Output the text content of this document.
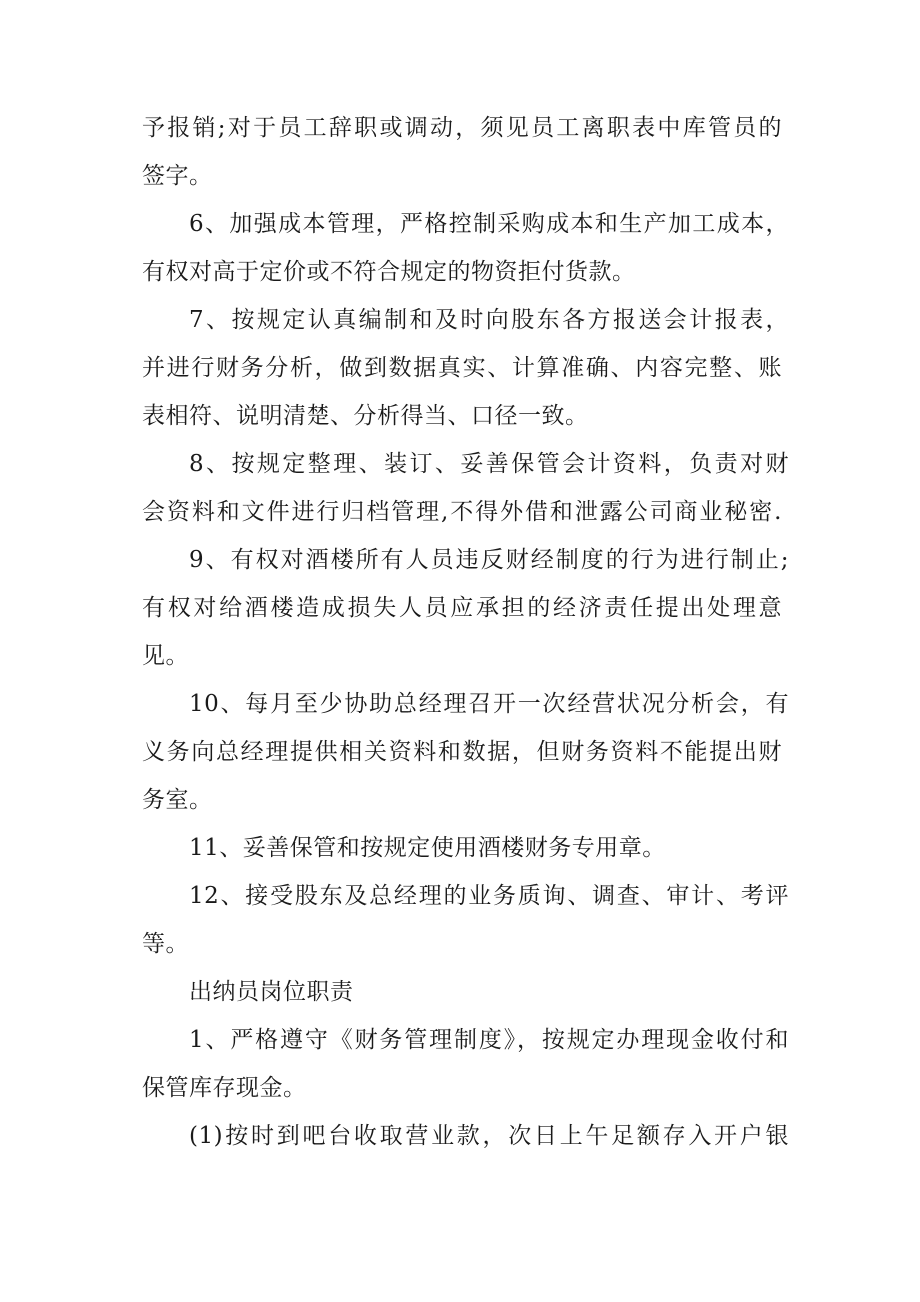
予报销;对于员工辞职或调动，须见员工离职表中库管员的
签字。
6、加强成本管理，严格控制采购成本和生产加工成本，
有权对高于定价或不符合规定的物资拒付货款。
7、按规定认真编制和及时向股东各方报送会计报表，
并进行财务分析，做到数据真实、计算准确、内容完整、账
表相符、说明清楚、分析得当、口径一致。
8、按规定整理、装订、妥善保管会计资料，负责对财
会资料和文件进行归档管理,不得外借和泄露公司商业秘密.
9、有权对酒楼所有人员违反财经制度的行为进行制止;
有权对给酒楼造成损失人员应承担的经济责任提出处理意
见。
10、每月至少协助总经理召开一次经营状况分析会，有
义务向总经理提供相关资料和数据，但财务资料不能提出财
务室。
11、妥善保管和按规定使用酒楼财务专用章。
12、接受股东及总经理的业务质询、调查、审计、考评
等。
出纳员岗位职责
1、严格遵守《财务管理制度》，按规定办理现金收付和
保管库存现金。
(1)按时到吧台收取营业款，次日上午足额存入开户银
